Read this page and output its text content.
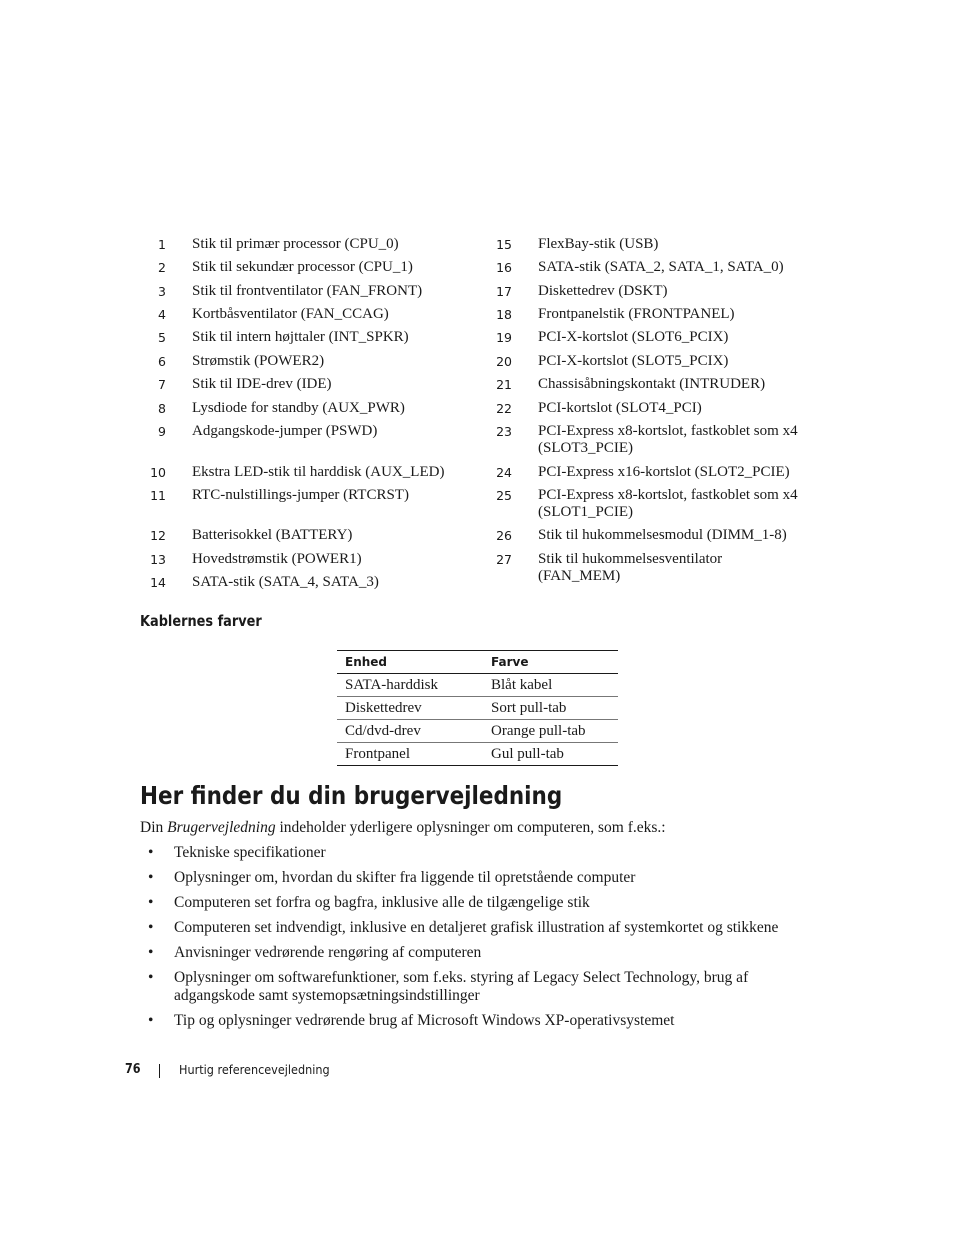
1 Stik til primær processor (CPU_0)
2 Stik til sekundær processor (CPU_1)
3 Stik til frontventilator (FAN_FRONT)
4 Kortbåsventilator (FAN_CCAG)
5 Stik til intern højttaler (INT_SPKR)
6 Strømstik (POWER2)
7 Stik til IDE-drev (IDE)
8 Lysdiode for standby (AUX_PWR)
9 Adgangskode-jumper (PSWD)
10 Ekstra LED-stik til harddisk (AUX_LED)
11 RTC-nulstillings-jumper (RTCRST)
12 Batterisokkel (BATTERY)
13 Hovedstrømstik (POWER1)
14 SATA-stik (SATA_4, SATA_3)
15 FlexBay-stik (USB)
16 SATA-stik (SATA_2, SATA_1, SATA_0)
17 Diskettedrev (DSKT)
18 Frontpanelstik (FRONTPANEL)
19 PCI-X-kortslot (SLOT6_PCIX)
20 PCI-X-kortslot (SLOT5_PCIX)
21 Chassisåbningskontakt (INTRUDER)
22 PCI-kortslot (SLOT4_PCI)
23 PCI-Express x8-kortslot, fastkoblet som x4 (SLOT3_PCIE)
24 PCI-Express x16-kortslot (SLOT2_PCIE)
25 PCI-Express x8-kortslot, fastkoblet som x4 (SLOT1_PCIE)
26 Stik til hukommelsesmodul (DIMM_1-8)
27 Stik til hukommelsesventilator (FAN_MEM)
Kablernes farver
Enhed	Farve
SATA-harddisk	Blåt kabel
Diskettedrev	Sort pull-tab
Cd/dvd-drev	Orange pull-tab
Frontpanel	Gul pull-tab
Her finder du din brugervejledning
Din Brugervejledning indeholder yderligere oplysninger om computeren, som f.eks.:
• Tekniske specifikationer
• Oplysninger om, hvordan du skifter fra liggende til opretstående computer
• Computeren set forfra og bagfra, inklusive alle de tilgængelige stik
• Computeren set indvendigt, inklusive en detaljeret grafisk illustration af systemkortet og stikkene
• Anvisninger vedrørende rengøring af computeren
• Oplysninger om softwarefunktioner, som f.eks. styring af Legacy Select Technology, brug af adgangskode samt systemopsætningsindstillinger
• Tip og oplysninger vedrørende brug af Microsoft Windows XP-operativsystemet
76	Hurtig referencevejledning
